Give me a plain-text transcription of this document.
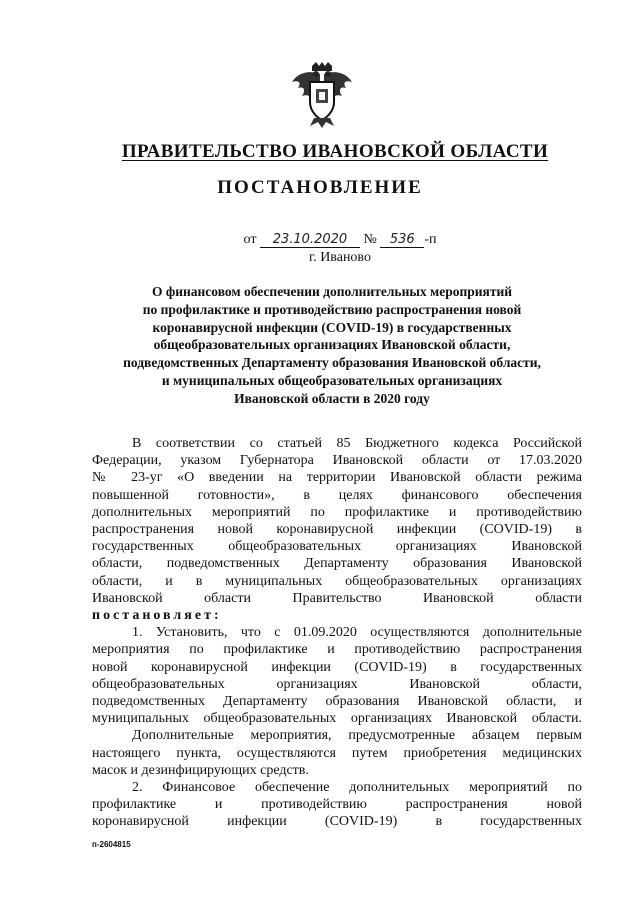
ПРАВИТЕЛЬСТВО ИВАНОВСКОЙ ОБЛАСТИ
ПОСТАНОВЛЕНИЕ
от 23.10.2020 № 536 -п
г. Иваново
О финансовом обеспечении дополнительных мероприятий
по профилактике и противодействию распространения новой
коронавирусной инфекции (COVID-19) в государственных
общеобразовательных организациях Ивановской области,
подведомственных Департаменту образования Ивановской области,
и муниципальных общеобразовательных организациях
Ивановской области в 2020 году
В соответствии со статьей 85 Бюджетного кодекса Российской
Федерации, указом Губернатора Ивановской области от 17.03.2020
№ 23-уг «О введении на территории Ивановской области режима
повышенной готовности», в целях финансового обеспечения
дополнительных мероприятий по профилактике и противодействию
распространения новой коронавирусной инфекции (COVID-19) в
государственных общеобразовательных организациях Ивановской
области, подведомственных Департаменту образования Ивановской
области, и в муниципальных общеобразовательных организациях
Ивановской области Правительство Ивановской области
постановляет:
1. Установить, что с 01.09.2020 осуществляются дополнительные
мероприятия по профилактике и противодействию распространения
новой коронавирусной инфекции (COVID-19) в государственных
общеобразовательных организациях Ивановской области,
подведомственных Департаменту образования Ивановской области, и
муниципальных общеобразовательных организациях Ивановской области.
Дополнительные мероприятия, предусмотренные абзацем первым
настоящего пункта, осуществляются путем приобретения медицинских
масок и дезинфицирующих средств.
2. Финансовое обеспечение дополнительных мероприятий по
профилактике и противодействию распространения новой
коронавирусной инфекции (COVID-19) в государственных
п-2604815
